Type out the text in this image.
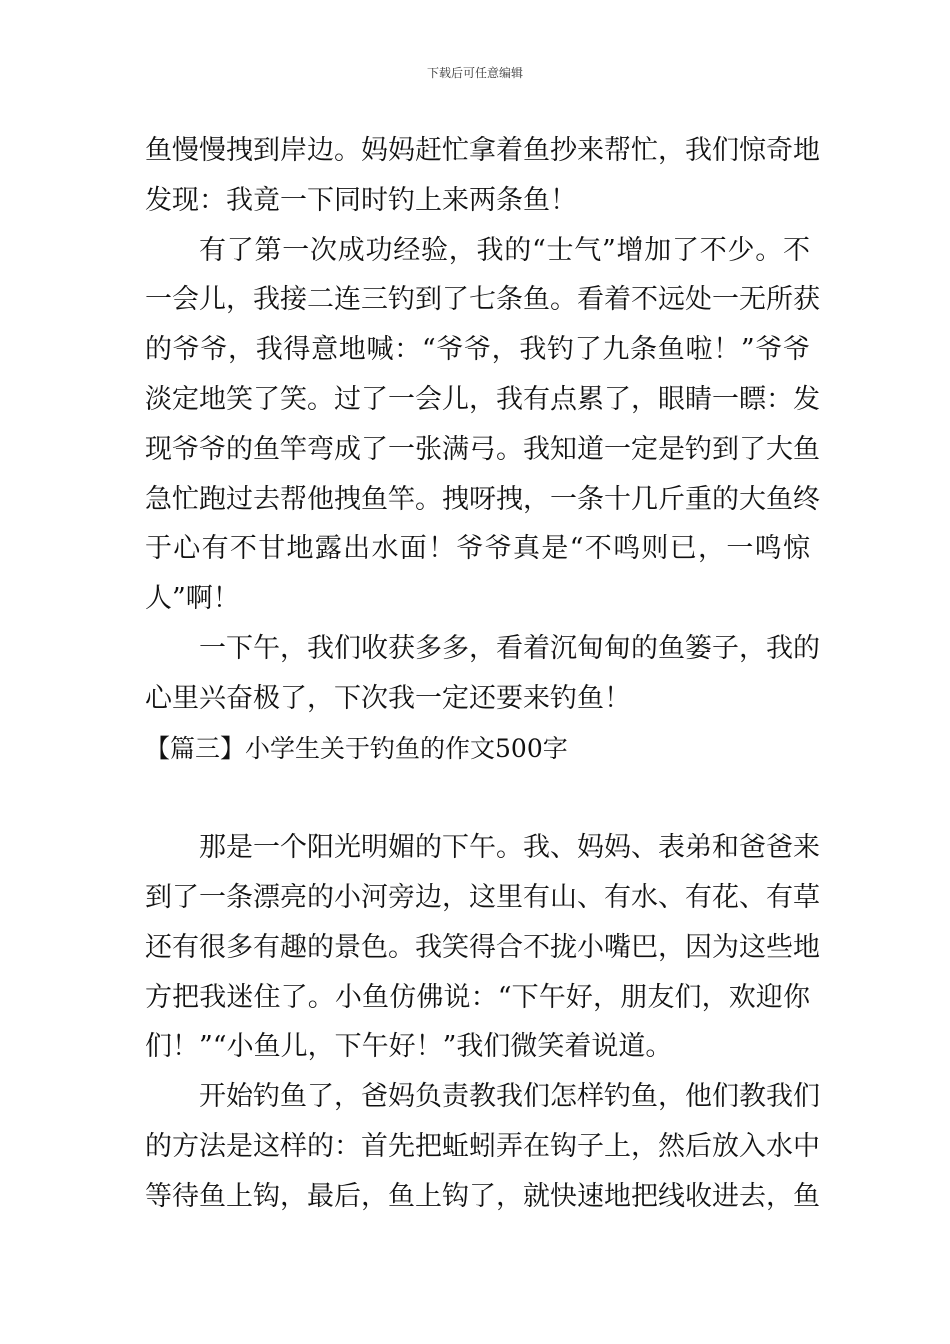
下载后可任意编辑
鱼慢慢拽到岸边。妈妈赶忙拿着鱼抄来帮忙，我们惊奇地
发现：我竟一下同时钓上来两条鱼！
有了第一次成功经验，我的“士气”增加了不少。不
一会儿，我接二连三钓到了七条鱼。看着不远处一无所获
的爷爷，我得意地喊：“爷爷，我钓了九条鱼啦！”爷爷
淡定地笑了笑。过了一会儿，我有点累了，眼睛一瞟：发
现爷爷的鱼竿弯成了一张满弓。我知道一定是钓到了大鱼
急忙跑过去帮他拽鱼竿。拽呀拽，一条十几斤重的大鱼终
于心有不甘地露出水面！爷爷真是“不鸣则已，一鸣惊
人”啊！
一下午，我们收获多多，看着沉甸甸的鱼篓子，我的
心里兴奋极了，下次我一定还要来钓鱼！
【篇三】小学生关于钓鱼的作文500字
那是一个阳光明媚的下午。我、妈妈、表弟和爸爸来
到了一条漂亮的小河旁边，这里有山、有水、有花、有草
还有很多有趣的景色。我笑得合不拢小嘴巴，因为这些地
方把我迷住了。小鱼仿佛说：“下午好，朋友们，欢迎你
们！”“小鱼儿，下午好！”我们微笑着说道。
开始钓鱼了，爸妈负责教我们怎样钓鱼，他们教我们
的方法是这样的：首先把蚯蚓弄在钩子上，然后放入水中
等待鱼上钩，最后，鱼上钩了，就快速地把线收进去，鱼
